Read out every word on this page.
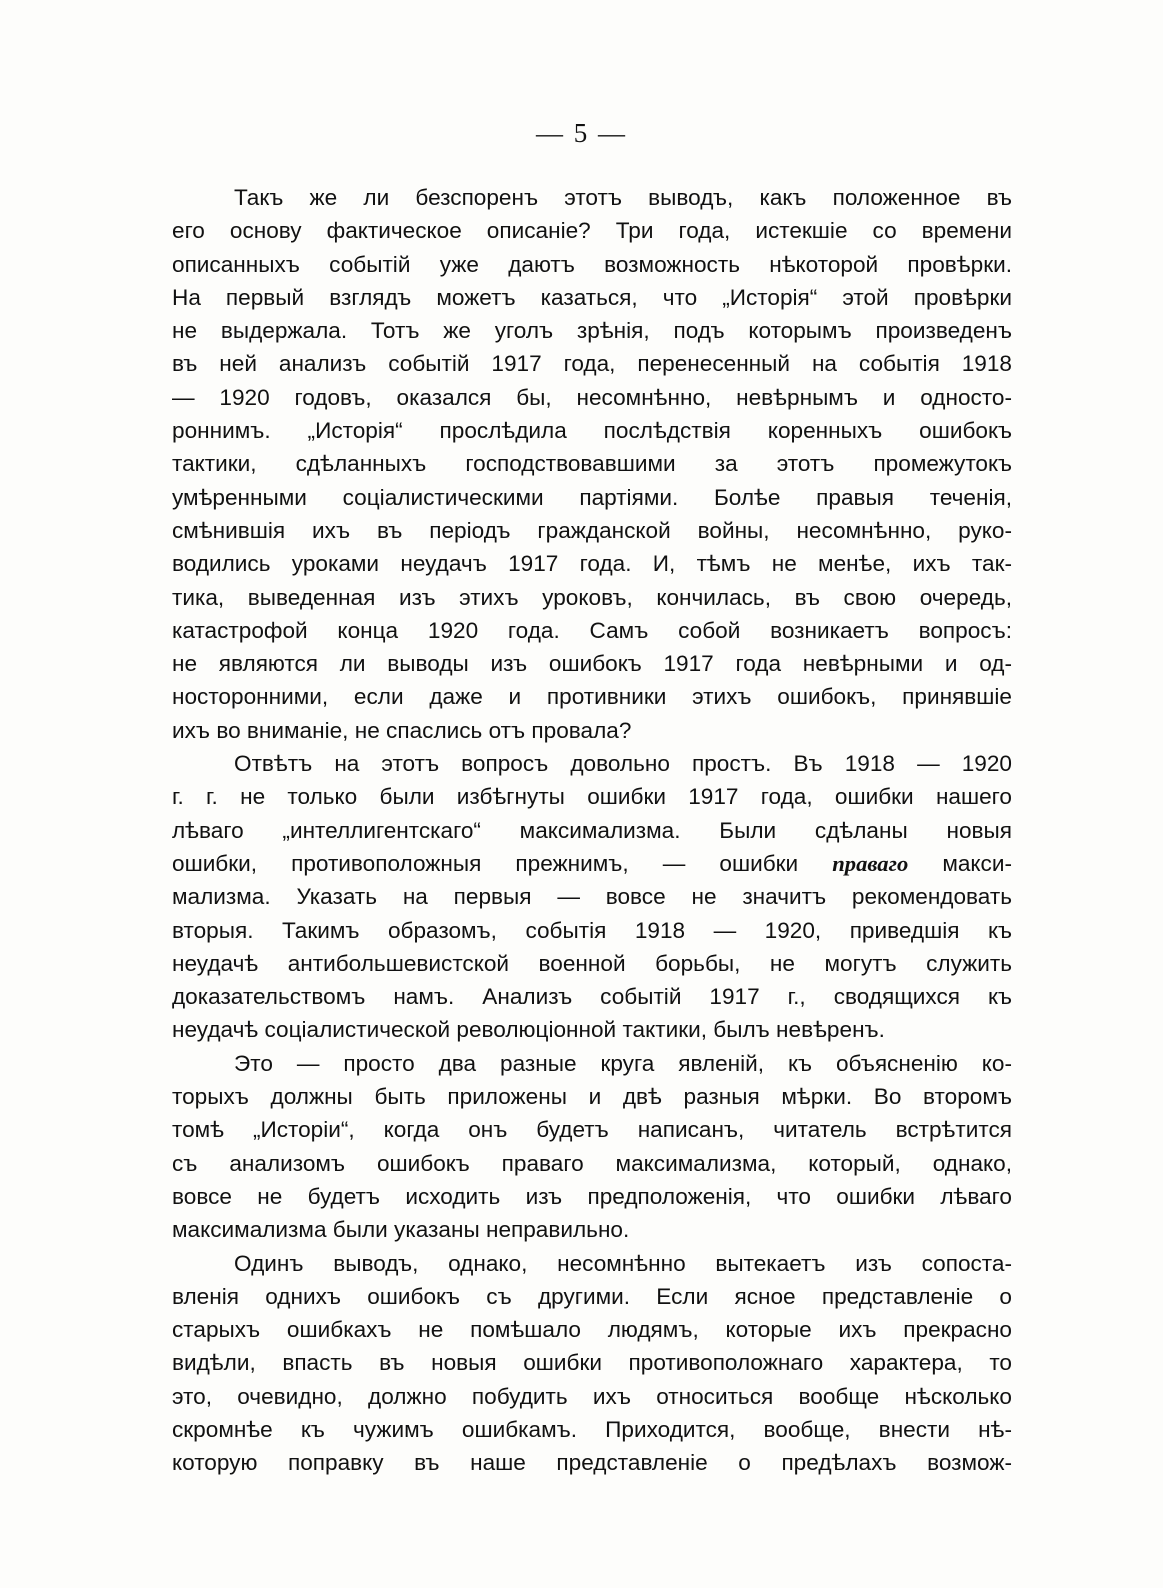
— 5 —
Такъ же ли безспоренъ этотъ выводъ, какъ положенное въ
его основу фактическое описаніе? Три года, истекшіе со времени
описанныхъ событій уже даютъ возможность нѣкоторой провѣрки.
На первый взглядъ можетъ казаться, что „Исторія“ этой провѣрки
не выдержала. Тотъ же уголъ зрѣнія, подъ которымъ произведенъ
въ ней анализъ событій 1917 года, перенесенный на событія 1918
— 1920 годовъ, оказался бы, несомнѣнно, невѣрнымъ и односто-
роннимъ. „Исторія“ прослѣдила послѣдствія коренныхъ ошибокъ
тактики, сдѣланныхъ господствовавшими за этотъ промежутокъ
умѣренными соціалистическими партіями. Болѣе правыя теченія,
смѣнившія ихъ въ періодъ гражданской войны, несомнѣнно, руко-
водились уроками неудачъ 1917 года. И, тѣмъ не менѣе, ихъ так-
тика, выведенная изъ этихъ уроковъ, кончилась, въ свою очередь,
катастрофой конца 1920 года. Самъ собой возникаетъ вопросъ:
не являются ли выводы изъ ошибокъ 1917 года невѣрными и од-
носторонними, если даже и противники этихъ ошибокъ, принявшіе
ихъ во вниманіе, не спаслись отъ провала?
Отвѣтъ на этотъ вопросъ довольно простъ. Въ 1918 — 1920
г. г. не только были избѣгнуты ошибки 1917 года, ошибки нашего
лѣваго „интеллигентскаго“ максимализма. Были сдѣланы новыя
ошибки, противоположныя прежнимъ, — ошибки праваго макси-
мализма. Указать на первыя — вовсе не значитъ рекомендовать
вторыя. Такимъ образомъ, событія 1918 — 1920, приведшія къ
неудачѣ антибольшевистской военной борьбы, не могутъ служить
доказательствомъ намъ. Анализъ событій 1917 г., сводящихся къ
неудачѣ соціалистической революціонной тактики, былъ невѣренъ.
Это — просто два разные круга явленій, къ объясненію ко-
торыхъ должны быть приложены и двѣ разныя мѣрки. Во второмъ
томѣ „Исторіи“, когда онъ будетъ написанъ, читатель встрѣтится
съ анализомъ ошибокъ праваго максимализма, который, однако,
вовсе не будетъ исходить изъ предположенія, что ошибки лѣваго
максимализма были указаны неправильно.
Одинъ выводъ, однако, несомнѣнно вытекаетъ изъ сопоста-
вленія однихъ ошибокъ съ другими. Если ясное представленіе о
старыхъ ошибкахъ не помѣшало людямъ, которые ихъ прекрасно
видѣли, впасть въ новыя ошибки противоположнаго характера, то
это, очевидно, должно побудить ихъ относиться вообще нѣсколько
скромнѣе къ чужимъ ошибкамъ. Приходится, вообще, внести нѣ-
которую поправку въ наше представленіе о предѣлахъ возмож-
